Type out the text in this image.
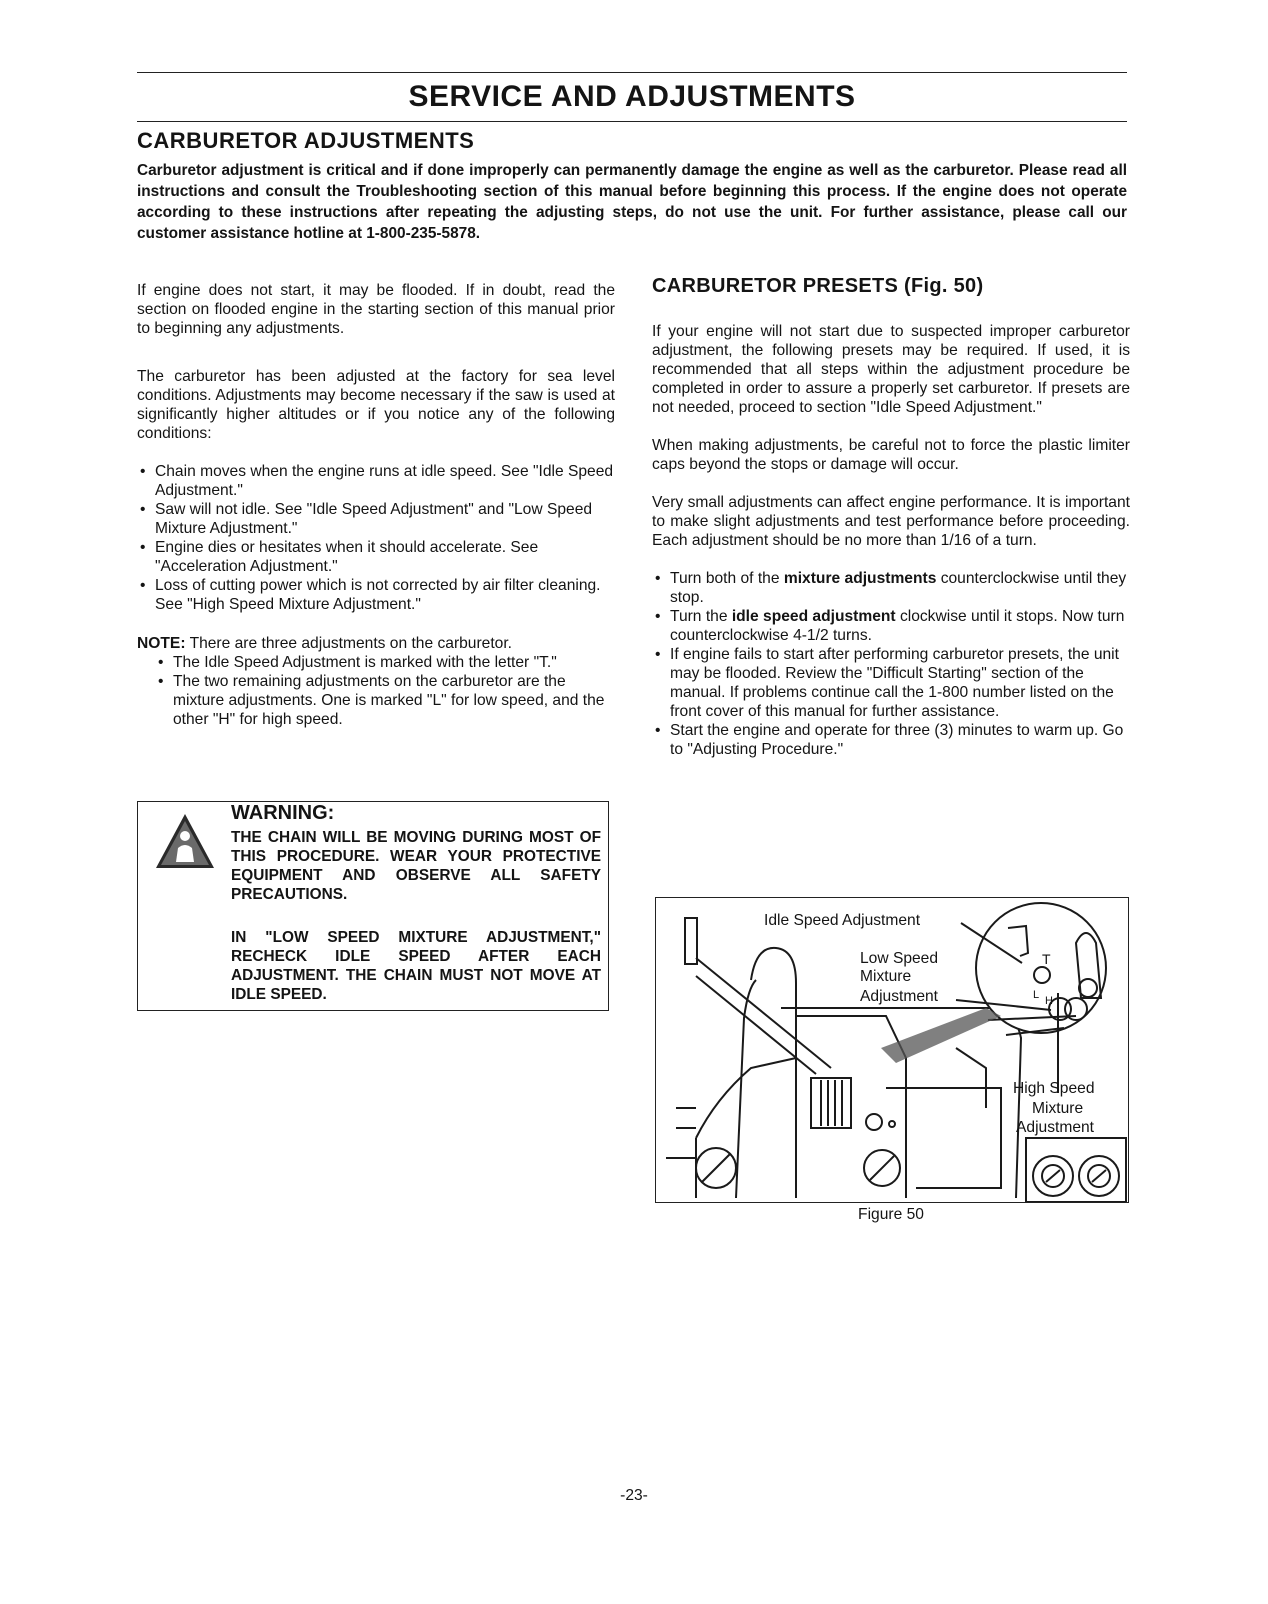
SERVICE AND ADJUSTMENTS
CARBURETOR ADJUSTMENTS

Carburetor adjustment is critical and if done improperly can permanently damage the engine as well as the carburetor. Please read all instructions and consult the Troubleshooting section of this manual before beginning this process. If the engine does not operate according to these instructions after repeating the adjusting steps, do not use the unit. For further assistance, please call our customer assistance hotline at 1-800-235-5878.

If engine does not start, it may be flooded. If in doubt, read the section on flooded engine in the starting section of this manual prior to beginning any adjustments.

The carburetor has been adjusted at the factory for sea level conditions. Adjustments may become necessary if the saw is used at significantly higher altitudes or if you notice any of the following conditions:

• Chain moves when the engine runs at idle speed. See "Idle Speed Adjustment."
• Saw will not idle. See "Idle Speed Adjustment" and "Low Speed Mixture Adjustment."
• Engine dies or hesitates when it should accelerate. See "Acceleration Adjustment."
• Loss of cutting power which is not corrected by air filter cleaning. See "High Speed Mixture Adjustment."

NOTE: There are three adjustments on the carburetor.

• The Idle Speed Adjustment is marked with the letter "T."
• The two remaining adjustments on the carburetor are the mixture adjustments. One is marked "L" for low speed, and the other "H" for high speed.
WARNING:

THE CHAIN WILL BE MOVING DURING MOST OF THIS PROCEDURE. WEAR YOUR PROTECTIVE EQUIPMENT AND OBSERVE ALL SAFETY PRECAUTIONS.

IN "LOW SPEED MIXTURE ADJUSTMENT," RECHECK IDLE SPEED AFTER EACH ADJUSTMENT. THE CHAIN MUST NOT MOVE AT IDLE SPEED.

CARBURETOR PRESETS (Fig. 50)

If your engine will not start due to suspected improper carburetor adjustment, the following presets may be required. If used, it is recommended that all steps within the adjustment procedure be completed in order to assure a properly set carburetor. If presets are not needed, proceed to section "Idle Speed Adjustment."

When making adjustments, be careful not to force the plastic limiter caps beyond the stops or damage will occur.

Very small adjustments can affect engine performance. It is important to make slight adjustments and test performance before proceeding. Each adjustment should be no more than 1/16 of a turn.

• Turn both of the mixture adjustments counterclockwise until they stop.
• Turn the idle speed adjustment clockwise until it stops. Now turn counterclockwise 4-1/2 turns.
• If engine fails to start after performing carburetor presets, the unit may be flooded. Review the "Difficult Starting" section of the manual. If problems continue call the 1-800 number listed on the front cover of this manual for further assistance.
• Start the engine and operate for three (3) minutes to warm up. Go to "Adjusting Procedure."

Idle Speed Adjustment

Low Speed

Mixture

Adjustment

T

L H

High Speed

Mixture

Adjustment

Figure 50

-23-
